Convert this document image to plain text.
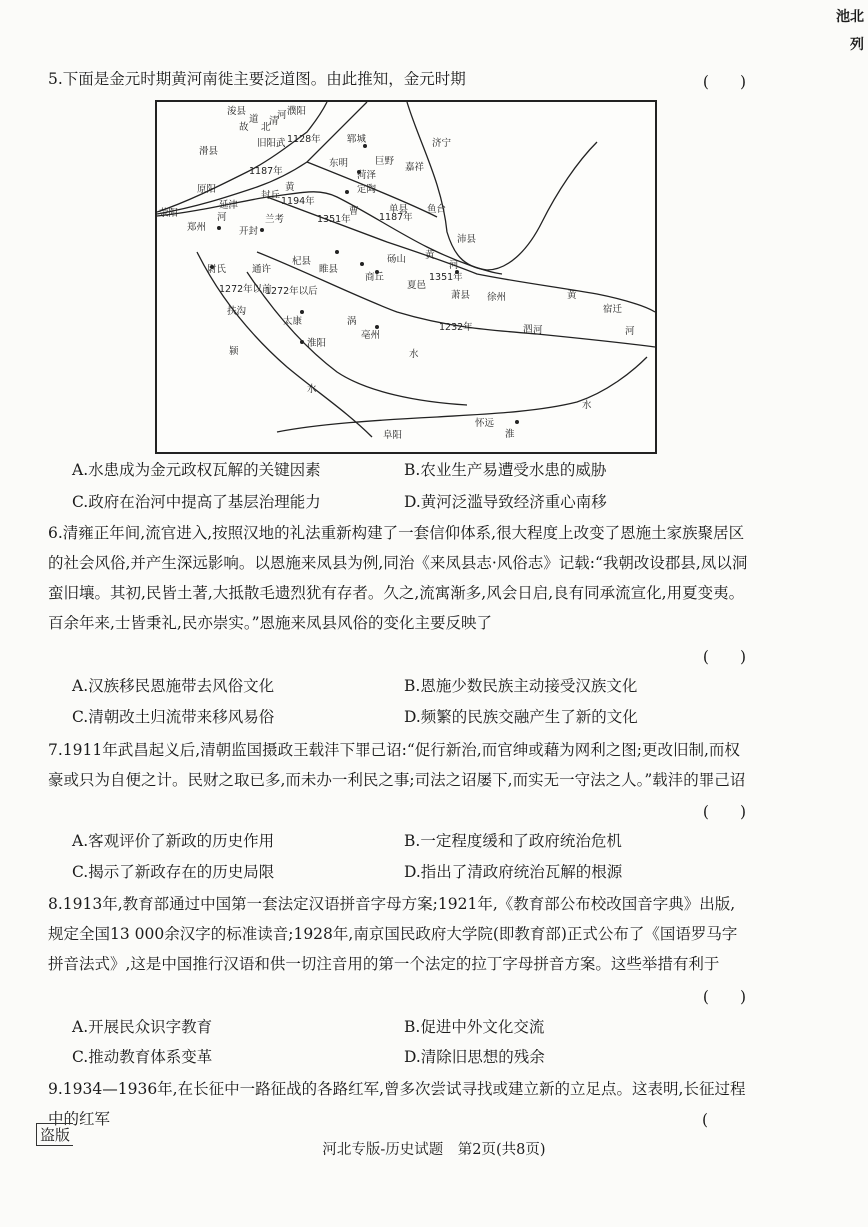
池北
列
5.下面是金元时期黄河南徙主要泛道图。由此推知，金元时期	(　　)
浚县	濮阳
旧阳武
滑县
郓城
东明
济宁
巨野
嘉祥
菏泽
定陶
原阳
延津
封丘
单县 鱼台
荥阳
郑州	开封
兰考
曹
沛县
尉氏
杞县
睢县
商丘
砀山
徐州
通许
夏邑
萧县
宿迁
扶沟
太康
亳州
淮阳
怀远
阜阳
黄
河
故
道
黄
河
黄
河
颍
水
涡
水
淮
水
泗 河
北
清
河
1128年
1187年
1194年
1187年
1351年
1272年以前
1272年以后
1232年
1351年
A.水患成为金元政权瓦解的关键因素	B.农业生产易遭受水患的威胁
C.政府在治河中提高了基层治理能力	D.黄河泛滥导致经济重心南移
6.清雍正年间,流官进入,按照汉地的礼法重新构建了一套信仰体系,很大程度上改变了恩施土家族聚居区的社会风俗,并产生深远影响。以恩施来凤县为例,同治《来凤县志·风俗志》记载:“我朝改设郡县,凤以洞蛮旧壤。其初,民皆土著,大抵散毛遗烈犹有存者。久之,流寓渐多,风会日启,良有同承流宣化,用夏变夷。百余年来,士皆秉礼,民亦崇实。”恩施来凤县风俗的变化主要反映了
(　　)
A.汉族移民恩施带去风俗文化	B.恩施少数民族主动接受汉族文化
C.清朝改土归流带来移风易俗	D.频繁的民族交融产生了新的文化
7.1911年武昌起义后,清朝监国摄政王载沣下罪己诏:“促行新治,而官绅或藉为网利之图;更改旧制,而权豪或只为自便之计。民财之取已多,而未办一利民之事;司法之诏屡下,而实无一守法之人。”载沣的罪己诏
(　　)
A.客观评价了新政的历史作用	B.一定程度缓和了政府统治危机
C.揭示了新政存在的历史局限	D.指出了清政府统治瓦解的根源
8.1913年,教育部通过中国第一套法定汉语拼音字母方案;1921年,《教育部公布校改国音字典》出版,规定全国13 000余汉字的标准读音;1928年,南京国民政府大学院(即教育部)正式公布了《国语罗马字拼音法式》,这是中国推行汉语和供一切注音用的第一个法定的拉丁字母拼音方案。这些举措有利于
(　　)
A.开展民众识字教育	B.促进中外文化交流
C.推动教育体系变革	D.清除旧思想的残余
9.1934—1936年,在长征中一路征战的各路红军,曾多次尝试寻找或建立新的立足点。这表明,长征过程中的红军	(
盗版
河北专版-历史试题　第2页(共8页)
